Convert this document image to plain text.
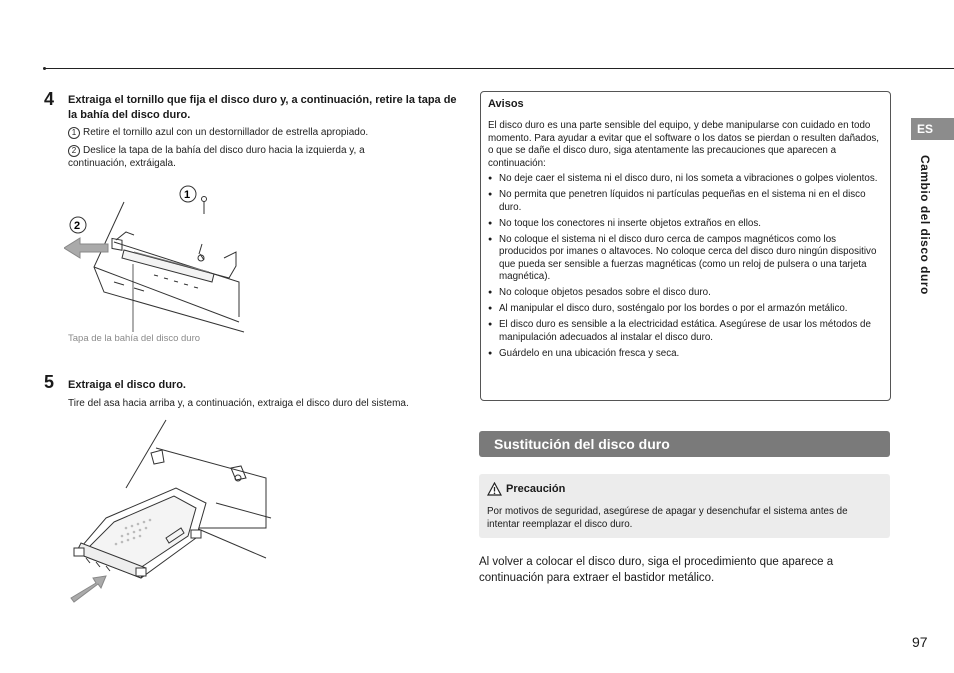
4 Extraiga el tornillo que fija el disco duro y, a continuación, retire la tapa de la bahía del disco duro.
1 Retire el tornillo azul con un destornillador de estrella apropiado.
2 Deslice la tapa de la bahía del disco duro hacia la izquierda y, a continuación, extráigala.
1
2
Tapa de la bahía del disco duro
5 Extraiga el disco duro.
Tire del asa hacia arriba y, a continuación, extraiga el disco duro del sistema.
Avisos
El disco duro es una parte sensible del equipo, y debe manipularse con cuidado en todo momento. Para ayudar a evitar que el software o los datos se pierdan o resulten dañados, o que se dañe el disco duro, siga atentamente las precauciones que aparecen a continuación:
● No deje caer el sistema ni el disco duro, ni los someta a vibraciones o golpes violentos.
● No permita que penetren líquidos ni partículas pequeñas en el sistema ni en el disco duro.
● No toque los conectores ni inserte objetos extraños en ellos.
● No coloque el sistema ni el disco duro cerca de campos magnéticos como los producidos por imanes o altavoces. No coloque cerca del disco duro ningún dispositivo que pueda ser sensible a fuerzas magnéticas (como un reloj de pulsera o una tarjeta magnética).
● No coloque objetos pesados sobre el disco duro.
● Al manipular el disco duro, sosténgalo por los bordes o por el armazón metálico.
● El disco duro es sensible a la electricidad estática. Asegúrese de usar los métodos de manipulación adecuados al instalar el disco duro.
● Guárdelo en una ubicación fresca y seca.
Sustitución del disco duro
Precaución
Por motivos de seguridad, asegúrese de apagar y desenchufar el sistema antes de intentar reemplazar el disco duro.
Al volver a colocar el disco duro, siga el procedimiento que aparece a continuación para extraer el bastidor metálico.
ES
Cambio del disco duro
97
